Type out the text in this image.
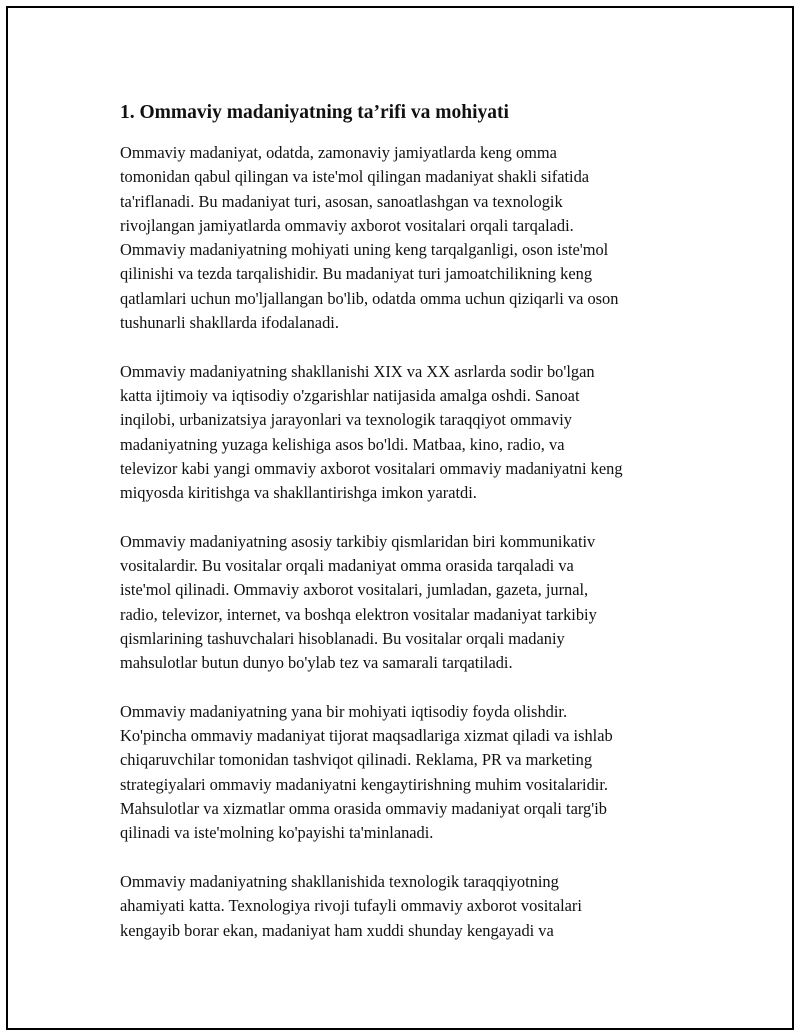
1. Ommaviy madaniyatning ta’rifi va mohiyati

Ommaviy madaniyat, odatda, zamonaviy jamiyatlarda keng omma
tomonidan qabul qilingan va iste'mol qilingan madaniyat shakli sifatida
ta'riflanadi. Bu madaniyat turi, asosan, sanoatlashgan va texnologik
rivojlangan jamiyatlarda ommaviy axborot vositalari orqali tarqaladi.
Ommaviy madaniyatning mohiyati uning keng tarqalganligi, oson iste'mol
qilinishi va tezda tarqalishidir. Bu madaniyat turi jamoatchilikning keng
qatlamlari uchun mo'ljallangan bo'lib, odatda omma uchun qiziqarli va oson
tushunarli shakllarda ifodalanadi.

Ommaviy madaniyatning shakllanishi XIX va XX asrlarda sodir bo'lgan
katta ijtimoiy va iqtisodiy o'zgarishlar natijasida amalga oshdi. Sanoat
inqilobi, urbanizatsiya jarayonlari va texnologik taraqqiyot ommaviy
madaniyatning yuzaga kelishiga asos bo'ldi. Matbaa, kino, radio, va
televizor kabi yangi ommaviy axborot vositalari ommaviy madaniyatni keng
miqyosda kiritishga va shakllantirishga imkon yaratdi.

Ommaviy madaniyatning asosiy tarkibiy qismlaridan biri kommunikativ
vositalardir. Bu vositalar orqali madaniyat omma orasida tarqaladi va
iste'mol qilinadi. Ommaviy axborot vositalari, jumladan, gazeta, jurnal,
radio, televizor, internet, va boshqa elektron vositalar madaniyat tarkibiy
qismlarining tashuvchalari hisoblanadi. Bu vositalar orqali madaniy
mahsulotlar butun dunyo bo'ylab tez va samarali tarqatiladi.

Ommaviy madaniyatning yana bir mohiyati iqtisodiy foyda olishdir.
Ko'pincha ommaviy madaniyat tijorat maqsadlariga xizmat qiladi va ishlab
chiqaruvchilar tomonidan tashviqot qilinadi. Reklama, PR va marketing
strategiyalari ommaviy madaniyatni kengaytirishning muhim vositalaridir.
Mahsulotlar va xizmatlar omma orasida ommaviy madaniyat orqali targ'ib
qilinadi va iste'molning ko'payishi ta'minlanadi.

Ommaviy madaniyatning shakllanishida texnologik taraqqiyotning
ahamiyati katta. Texnologiya rivoji tufayli ommaviy axborot vositalari
kengayib borar ekan, madaniyat ham xuddi shunday kengayadi va
